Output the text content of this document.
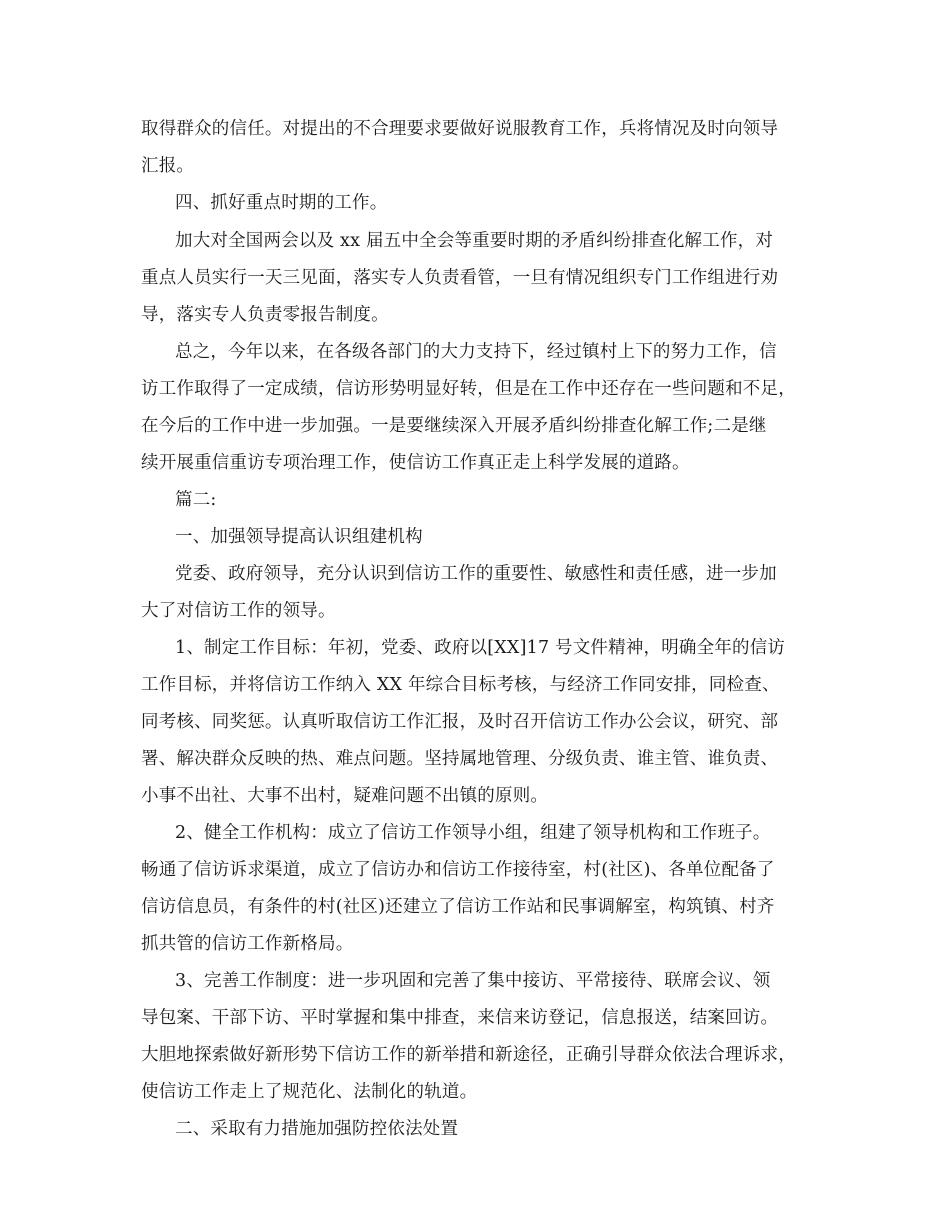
取得群众的信任。对提出的不合理要求要做好说服教育工作，兵将情况及时向领导
汇报。
四、抓好重点时期的工作。
加大对全国两会以及 xx 届五中全会等重要时期的矛盾纠纷排查化解工作，对
重点人员实行一天三见面，落实专人负责看管，一旦有情况组织专门工作组进行劝
导，落实专人负责零报告制度。
总之，今年以来，在各级各部门的大力支持下，经过镇村上下的努力工作，信
访工作取得了一定成绩，信访形势明显好转，但是在工作中还存在一些问题和不足，
在今后的工作中进一步加强。一是要继续深入开展矛盾纠纷排查化解工作;二是继
续开展重信重访专项治理工作，使信访工作真正走上科学发展的道路。
篇二:
一、加强领导提高认识组建机构
党委、政府领导，充分认识到信访工作的重要性、敏感性和责任感，进一步加
大了对信访工作的领导。
1、制定工作目标：年初，党委、政府以[XX]17 号文件精神，明确全年的信访
工作目标，并将信访工作纳入 XX 年综合目标考核，与经济工作同安排，同检查、
同考核、同奖惩。认真听取信访工作汇报，及时召开信访工作办公会议，研究、部
署、解决群众反映的热、难点问题。坚持属地管理、分级负责、谁主管、谁负责、
小事不出社、大事不出村，疑难问题不出镇的原则。
2、健全工作机构：成立了信访工作领导小组，组建了领导机构和工作班子。
畅通了信访诉求渠道，成立了信访办和信访工作接待室，村(社区)、各单位配备了
信访信息员，有条件的村(社区)还建立了信访工作站和民事调解室，构筑镇、村齐
抓共管的信访工作新格局。
3、完善工作制度：进一步巩固和完善了集中接访、平常接待、联席会议、领
导包案、干部下访、平时掌握和集中排查，来信来访登记，信息报送，结案回访。
大胆地探索做好新形势下信访工作的新举措和新途径，正确引导群众依法合理诉求，
使信访工作走上了规范化、法制化的轨道。
二、采取有力措施加强防控依法处置
